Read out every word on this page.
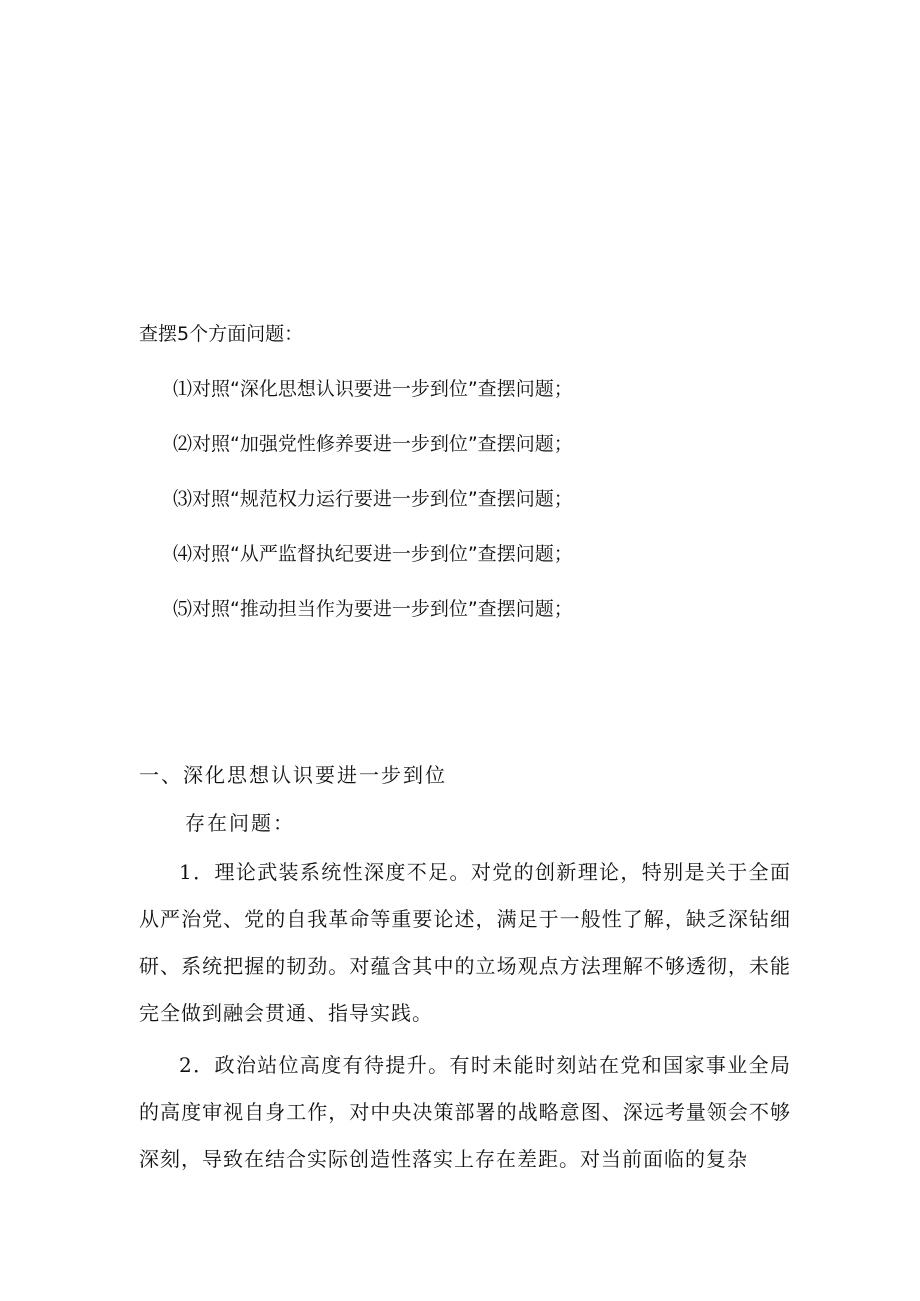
查摆5个方面问题：
⑴对照“深化思想认识要进一步到位”查摆问题；
⑵对照“加强党性修养要进一步到位”查摆问题；
⑶对照“规范权力运行要进一步到位”查摆问题；
⑷对照“从严监督执纪要进一步到位”查摆问题；
⑸对照“推动担当作为要进一步到位”查摆问题；
一、深化思想认识要进一步到位
存在问题：

1．理论武装系统性深度不足。对党的创新理论，特别是关于全面从严治党、党的自我革命等重要论述，满足于一般性了解，缺乏深钻细研、系统把握的韧劲。对蕴含其中的立场观点方法理解不够透彻，未能完全做到融会贯通、指导实践。

2．政治站位高度有待提升。有时未能时刻站在党和国家事业全局的高度审视自身工作，对中央决策部署的战略意图、深远考量领会不够深刻，导致在结合实际创造性落实上存在差距。对当前面临的复杂
